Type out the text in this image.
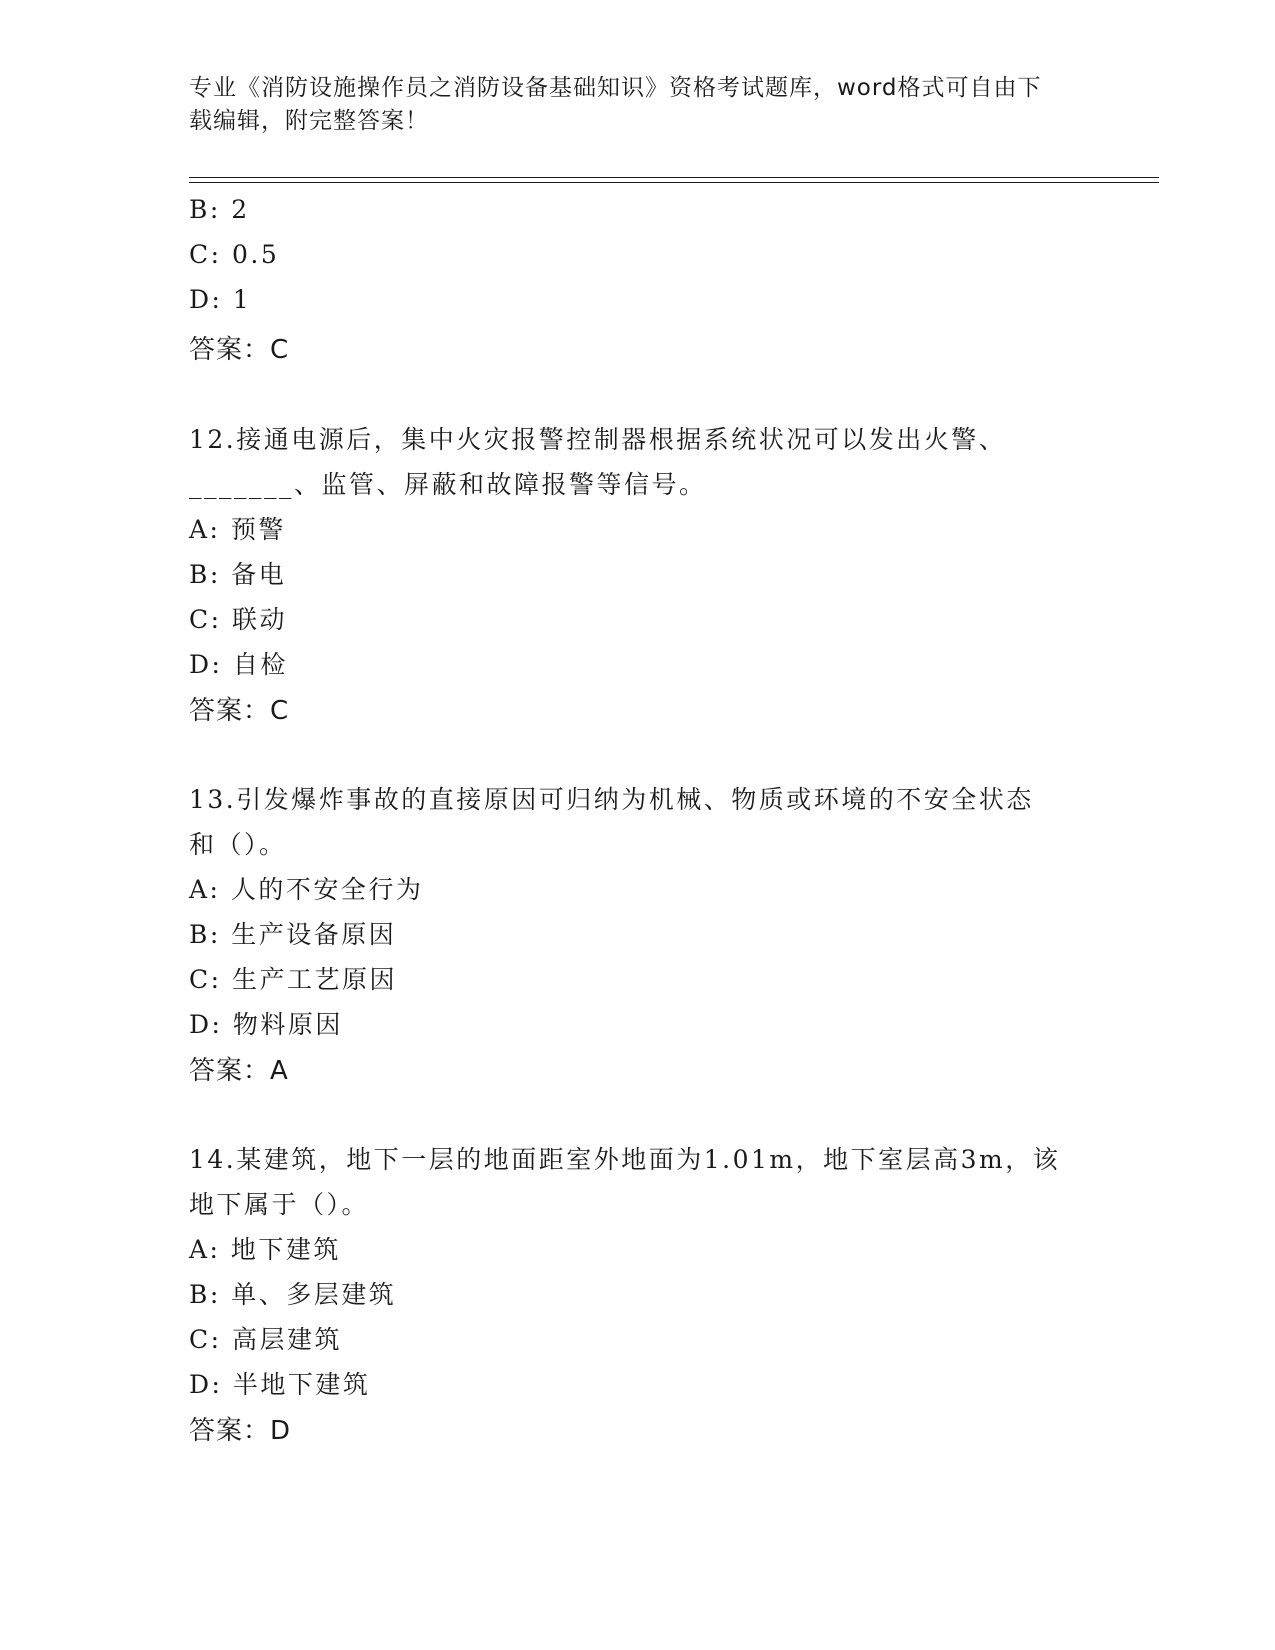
专业《消防设施操作员之消防设备基础知识》资格考试题库，word格式可自由下
载编辑，附完整答案！
B: 2
C: 0.5
D: 1
答案：C
12.接通电源后，集中火灾报警控制器根据系统状况可以发出火警、
_______、监管、屏蔽和故障报警等信号。
A: 预警
B: 备电
C: 联动
D: 自检
答案：C
13.引发爆炸事故的直接原因可归纳为机械、物质或环境的不安全状态
和（）。
A: 人的不安全行为
B: 生产设备原因
C: 生产工艺原因
D: 物料原因
答案：A
14.某建筑，地下一层的地面距室外地面为1.01m，地下室层高3m，该
地下属于（）。
A: 地下建筑
B: 单、多层建筑
C: 高层建筑
D: 半地下建筑
答案：D
